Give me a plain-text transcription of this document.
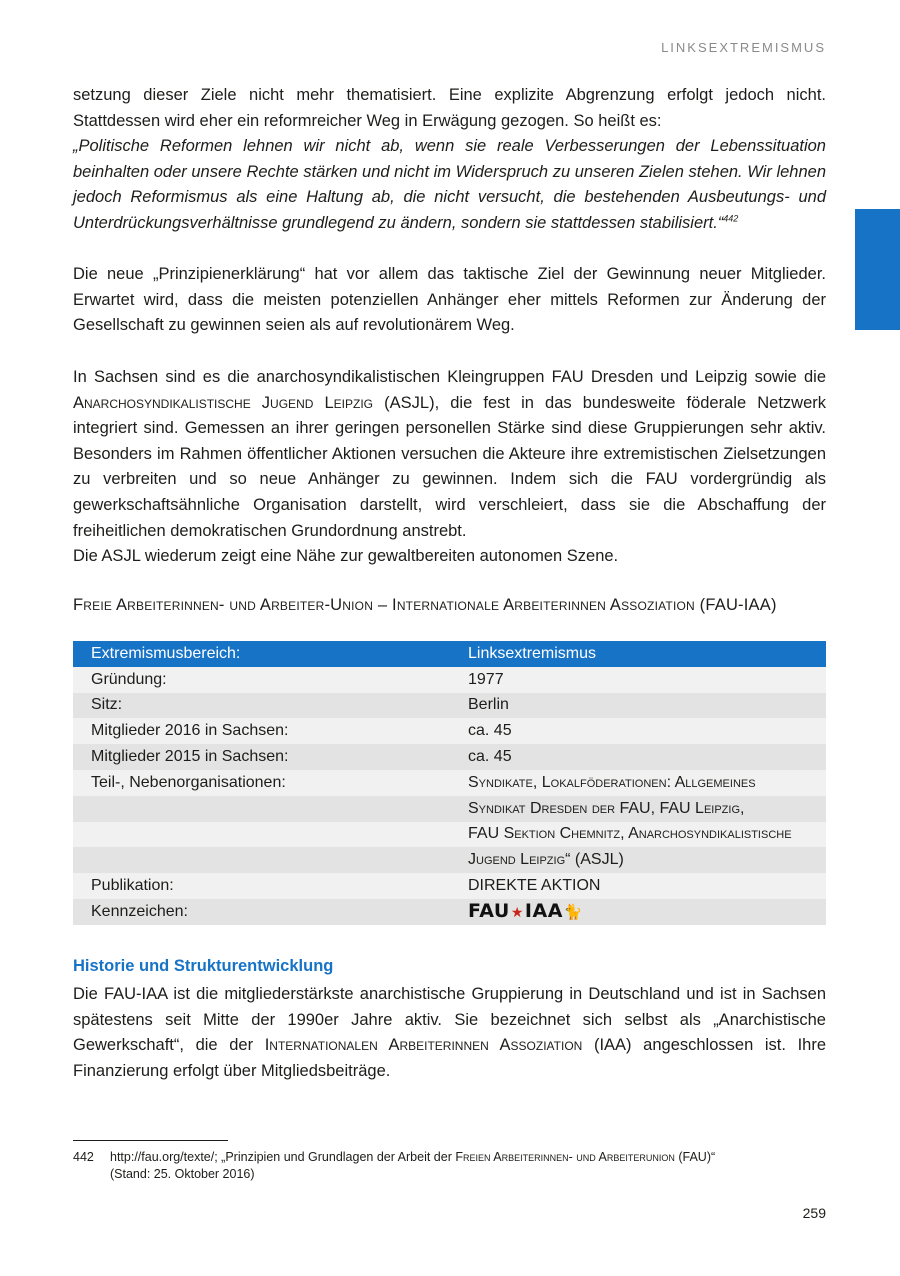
LINKSEXTREMISMUS

setzung dieser Ziele nicht mehr thematisiert. Eine explizite Abgrenzung erfolgt jedoch nicht. Stattdessen wird eher ein reformreicher Weg in Erwägung gezogen. So heißt es:

„Politische Reformen lehnen wir nicht ab, wenn sie reale Verbesserungen der Lebenssituation beinhalten oder unsere Rechte stärken und nicht im Widerspruch zu unseren Zielen stehen. Wir lehnen jedoch Reformismus als eine Haltung ab, die nicht versucht, die bestehenden Ausbeutungs- und Unterdrückungsverhältnisse grundlegend zu ändern, sondern sie stattdessen stabilisiert.“$^{442}$

Die neue „Prinzipienerklärung“ hat vor allem das taktische Ziel der Gewinnung neuer Mitglieder. Erwartet wird, dass die meisten potenziellen Anhänger eher mittels Reformen zur Änderung der Gesellschaft zu gewinnen seien als auf revolutionärem Weg.

In Sachsen sind es die anarchosyndikalistischen Kleingruppen FAU Dresden und Leipzig sowie die Anarchosyndikalistische Jugend Leipzig (ASJL), die fest in das bundesweite föderale Netzwerk integriert sind. Gemessen an ihrer geringen personellen Stärke sind diese Gruppierungen sehr aktiv. Besonders im Rahmen öffentlicher Aktionen versuchen die Akteure ihre extremistischen Zielsetzungen zu verbreiten und so neue Anhänger zu gewinnen. Indem sich die FAU vordergründig als gewerkschaftsähnliche Organisation darstellt, wird verschleiert, dass sie die Abschaffung der freiheitlichen demokratischen Grundordnung anstrebt.

Die ASJL wiederum zeigt eine Nähe zur gewaltbereiten autonomen Szene.

Freie Arbeiterinnen- und Arbeiter-Union – Internationale Arbeiterinnen Assoziation (FAU-IAA)
Extremismusbereich:	Linksextremismus
Gründung:	1977
Sitz:	Berlin
Mitglieder 2016 in Sachsen:	ca. 45
Mitglieder 2015 in Sachsen:	ca. 45
Teil-, Nebenorganisationen:	Syndikate, Lokalföderationen: Allgemeines
	Syndikat Dresden der FAU, FAU Leipzig,
	FAU Sektion Chemnitz, Anarchosyndikalistische
	Jugend Leipzig“ (ASJL)
Publikation:	DIREKTE AKTION
Kennzeichen:	FAU★IAA🐈
Historie und Strukturentwicklung

Die FAU-IAA ist die mitgliederstärkste anarchistische Gruppierung in Deutschland und ist in Sachsen spätestens seit Mitte der 1990er Jahre aktiv. Sie bezeichnet sich selbst als „Anarchistische Gewerkschaft“, die der Internationalen Arbeiterinnen Assoziation (IAA) angeschlossen ist. Ihre Finanzierung erfolgt über Mitgliedsbeiträge.

442 http://fau.org/texte/; „Prinzipien und Grundlagen der Arbeit der Freien Arbeiterinnen- und Arbeiterunion (FAU)“
(Stand: 25. Oktober 2016)
259
